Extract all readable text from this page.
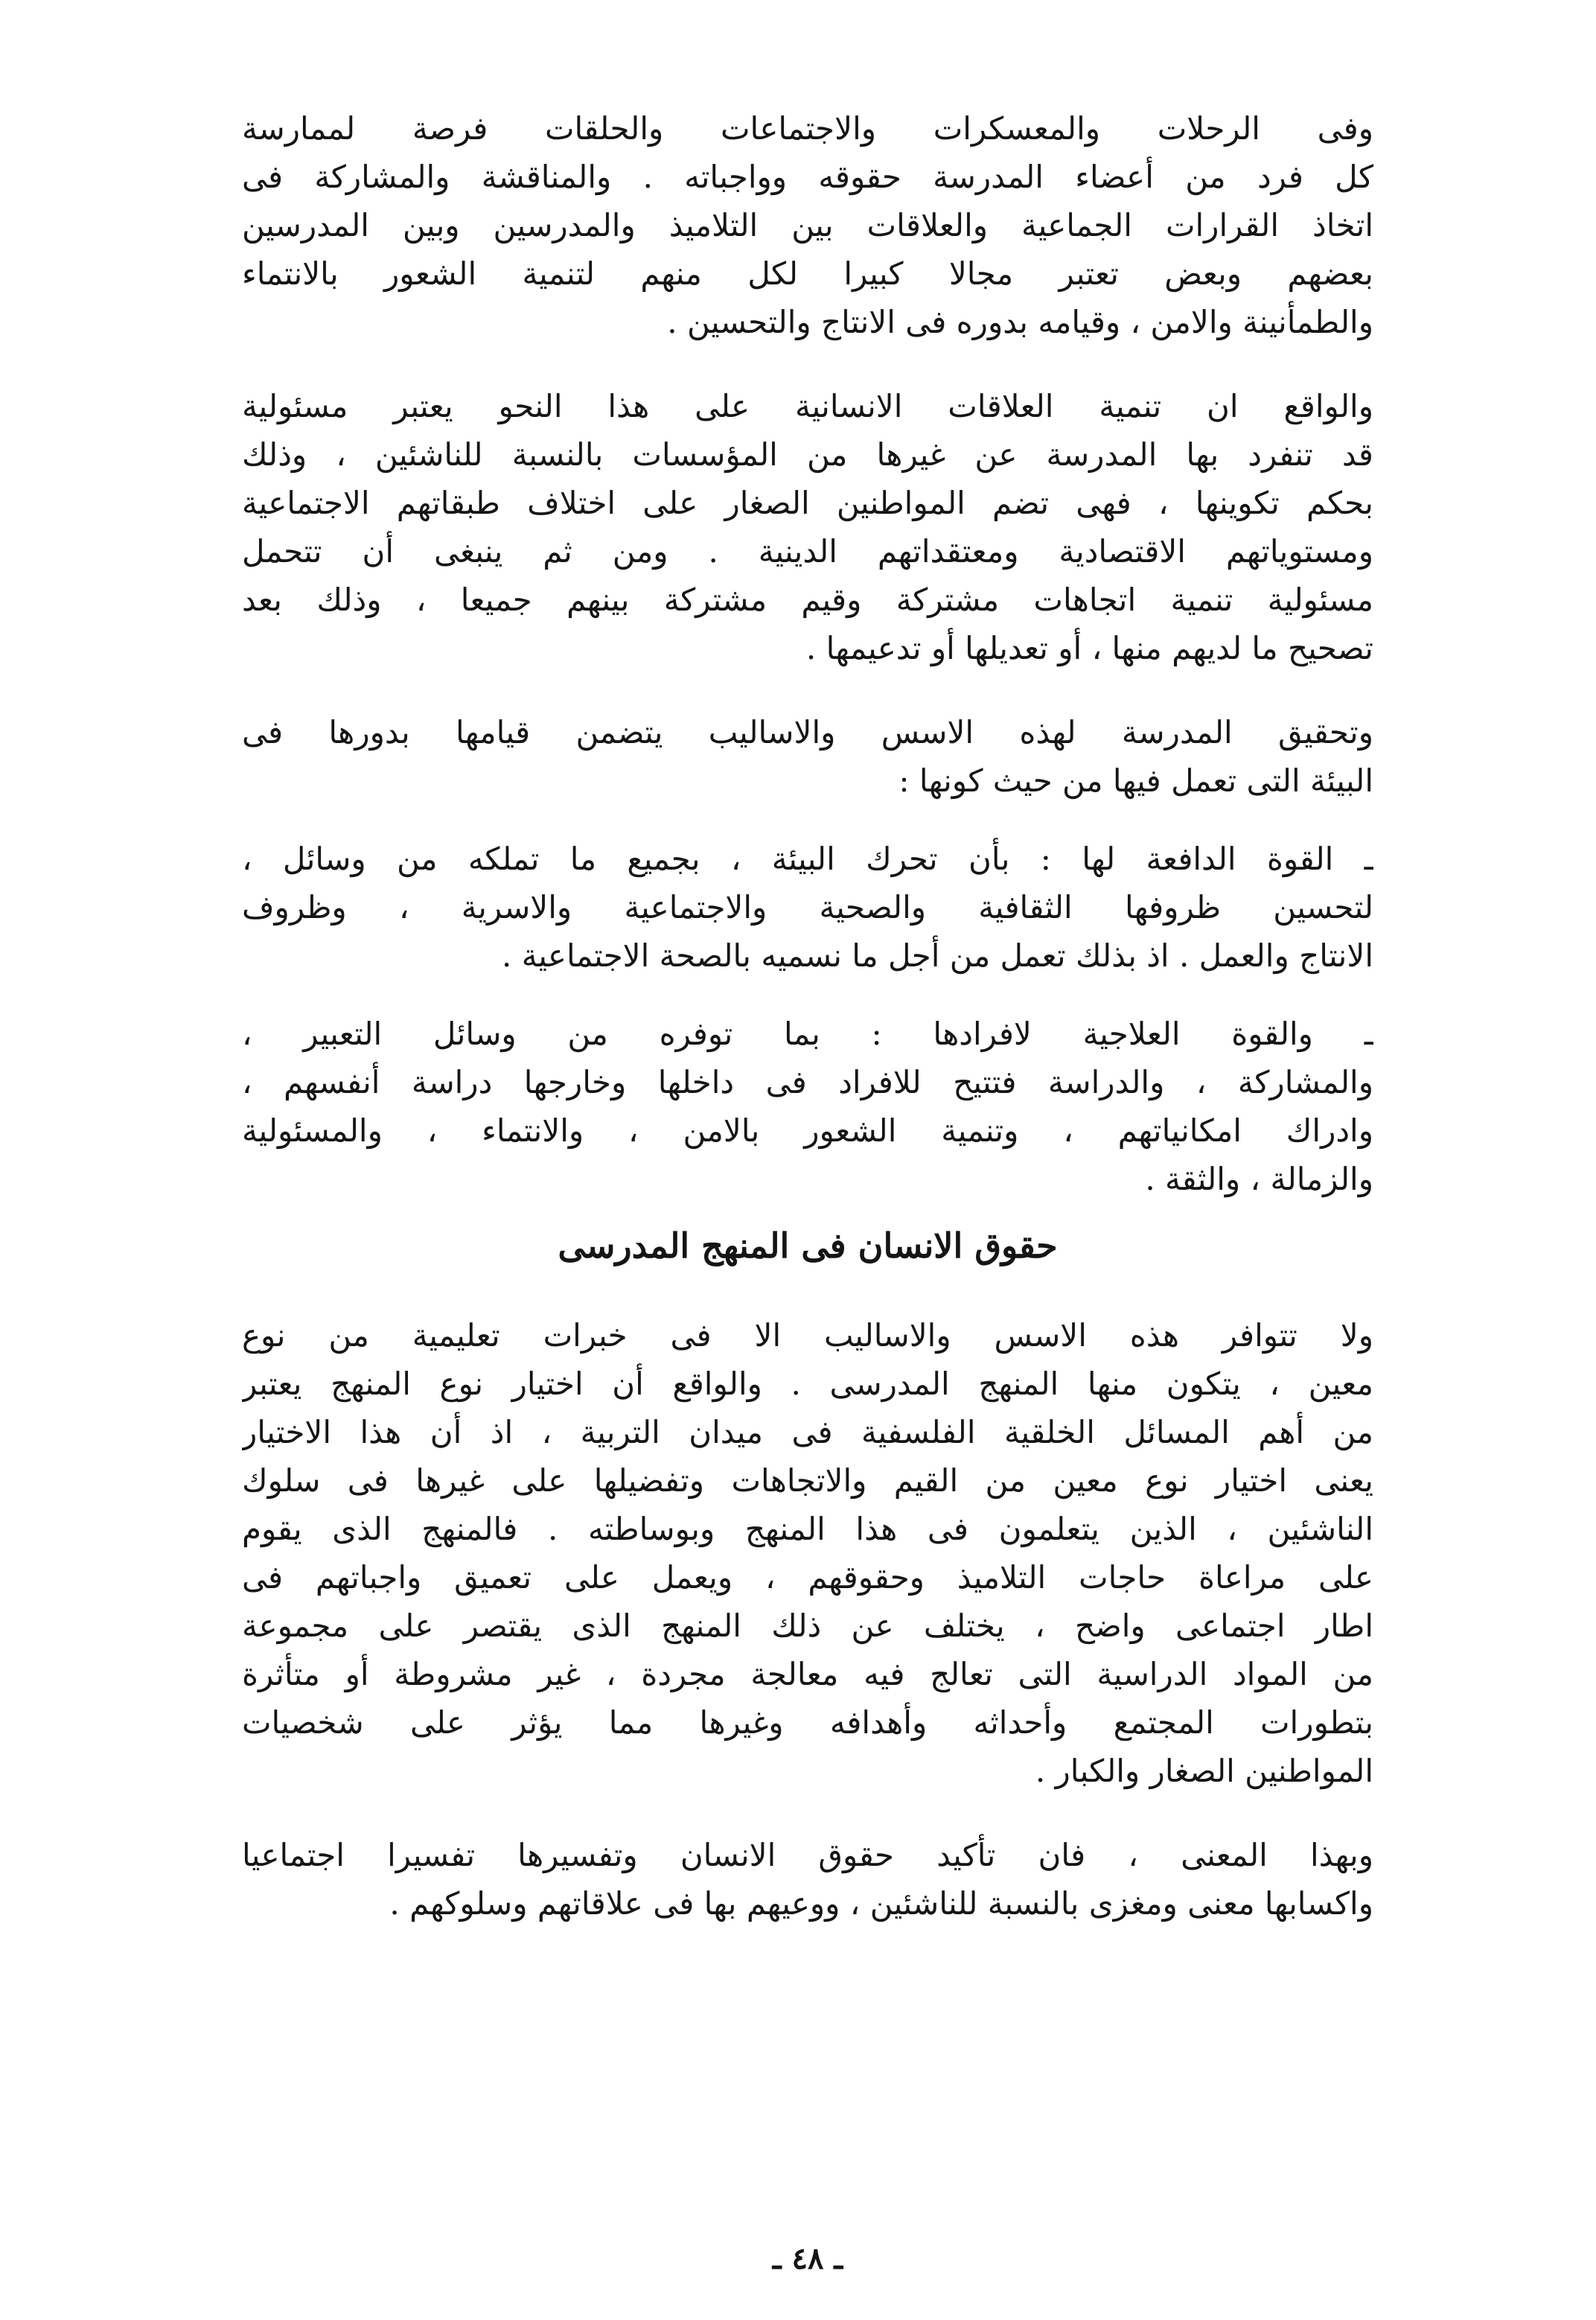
وفى الرحلات والمعسكرات والاجتماعات والحلقات فرصة لممارسة
كل فرد من أعضاء المدرسة حقوقه وواجباته . والمناقشة والمشاركة فى
اتخاذ القرارات الجماعية والعلاقات بين التلاميذ والمدرسين وبين المدرسين
بعضهم وبعض تعتبر مجالا كبيرا لكل منهم لتنمية الشعور بالانتماء
والطمأنينة والامن ، وقيامه بدوره فى الانتاج والتحسين .
والواقع ان تنمية العلاقات الانسانية على هذا النحو يعتبر مسئولية
قد تنفرد بها المدرسة عن غيرها من المؤسسات بالنسبة للناشئين ، وذلك
بحكم تكوينها ، فهى تضم المواطنين الصغار على اختلاف طبقاتهم الاجتماعية
ومستوياتهم الاقتصادية ومعتقداتهم الدينية . ومن ثم ينبغى أن تتحمل
مسئولية تنمية اتجاهات مشتركة وقيم مشتركة بينهم جميعا ، وذلك بعد
تصحيح ما لديهم منها ، أو تعديلها أو تدعيمها .
وتحقيق المدرسة لهذه الاسس والاساليب يتضمن قيامها بدورها فى
البيئة التى تعمل فيها من حيث كونها :
ـ القوة الدافعة لها : بأن تحرك البيئة ، بجميع ما تملكه من وسائل ،
لتحسين ظروفها الثقافية والصحية والاجتماعية والاسرية ، وظروف
الانتاج والعمل . اذ بذلك تعمل من أجل ما نسميه بالصحة الاجتماعية .
ـ والقوة العلاجية لافرادها : بما توفره من وسائل التعبير ،
والمشاركة ، والدراسة فتتيح للافراد فى داخلها وخارجها دراسة أنفسهم ،
وادراك امكانياتهم ، وتنمية الشعور بالامن ، والانتماء ، والمسئولية
والزمالة ، والثقة .
حقوق الانسان فى المنهج المدرسى
ولا تتوافر هذه الاسس والاساليب الا فى خبرات تعليمية من نوع
معين ، يتكون منها المنهج المدرسى . والواقع أن اختيار نوع المنهج يعتبر
من أهم المسائل الخلقية الفلسفية فى ميدان التربية ، اذ أن هذا الاختيار
يعنى اختيار نوع معين من القيم والاتجاهات وتفضيلها على غيرها فى سلوك
الناشئين ، الذين يتعلمون فى هذا المنهج وبوساطته . فالمنهج الذى يقوم
على مراعاة حاجات التلاميذ وحقوقهم ، ويعمل على تعميق واجباتهم فى
اطار اجتماعى واضح ، يختلف عن ذلك المنهج الذى يقتصر على مجموعة
من المواد الدراسية التى تعالج فيه معالجة مجردة ، غير مشروطة أو متأثرة
بتطورات المجتمع وأحداثه وأهدافه وغيرها مما يؤثر على شخصيات
المواطنين الصغار والكبار .
وبهذا المعنى ، فان تأكيد حقوق الانسان وتفسيرها تفسيرا اجتماعيا
واكسابها معنى ومغزى بالنسبة للناشئين ، ووعيهم بها فى علاقاتهم وسلوكهم .
ـ ٤٨ ـ
